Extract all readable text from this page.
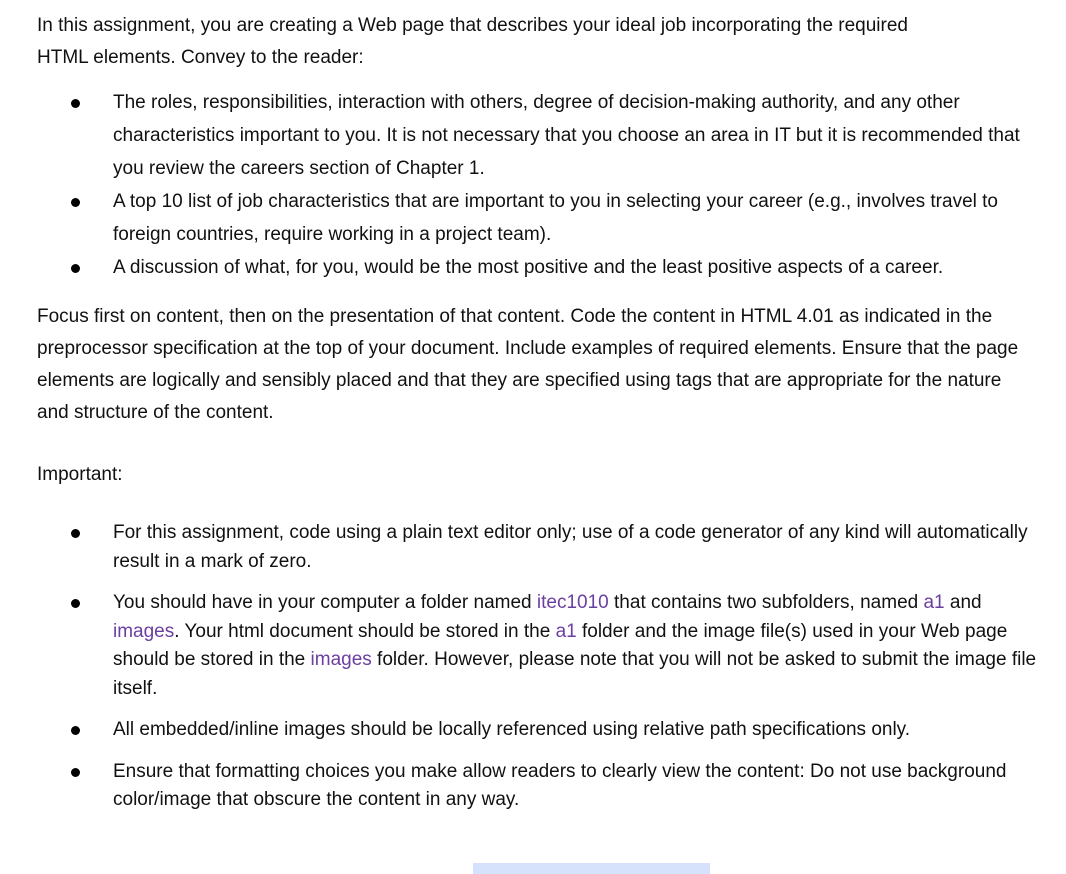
In this assignment, you are creating a Web page that describes your ideal job incorporating the required
HTML elements. Convey to the reader:

The roles, responsibilities, interaction with others, degree of decision-making authority, and any other characteristics important to you. It is not necessary that you choose an area in IT but it is recommended that you review the careers section of Chapter 1.
A top 10 list of job characteristics that are important to you in selecting your career (e.g., involves travel to foreign countries, require working in a project team).
A discussion of what, for you, would be the most positive and the least positive aspects of a career.

Focus first on content, then on the presentation of that content. Code the content in HTML 4.01 as indicated in the preprocessor specification at the top of your document. Include examples of required elements. Ensure that the page elements are logically and sensibly placed and that they are specified using tags that are appropriate for the nature and structure of the content.

Important:

For this assignment, code using a plain text editor only; use of a code generator of any kind will automatically result in a mark of zero.
You should have in your computer a folder named itec1010 that contains two subfolders, named a1 and images. Your html document should be stored in the a1 folder and the image file(s) used in your Web page should be stored in the images folder. However, please note that you will not be asked to submit the image file itself.
All embedded/inline images should be locally referenced using relative path specifications only.
Ensure that formatting choices you make allow readers to clearly view the content: Do not use background color/image that obscure the content in any way.
